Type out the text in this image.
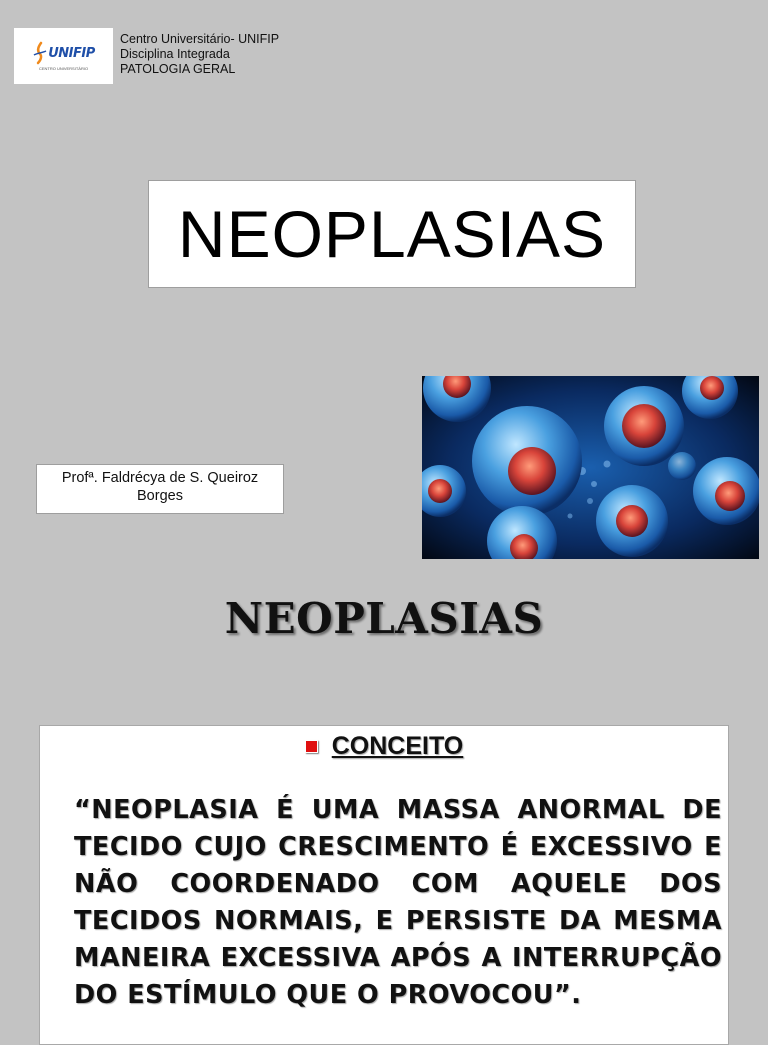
UNIFIP
CENTRO UNIVERSITÁRIO
Centro Universitário- UNIFIP
Disciplina Integrada
PATOLOGIA GERAL
NEOPLASIAS
Profª. Faldrécya de S. Queiroz
Borges
NEOPLASIAS
CONCEITO
“NEOPLASIA É UMA MASSA ANORMAL DE TECIDO CUJO CRESCIMENTO É EXCESSIVO E NÃO COORDENADO COM AQUELE DOS TECIDOS NORMAIS, E PERSISTE DA MESMA MANEIRA EXCESSIVA APÓS A INTERRUPÇÃO DO ESTÍMULO QUE O PROVOCOU”.
